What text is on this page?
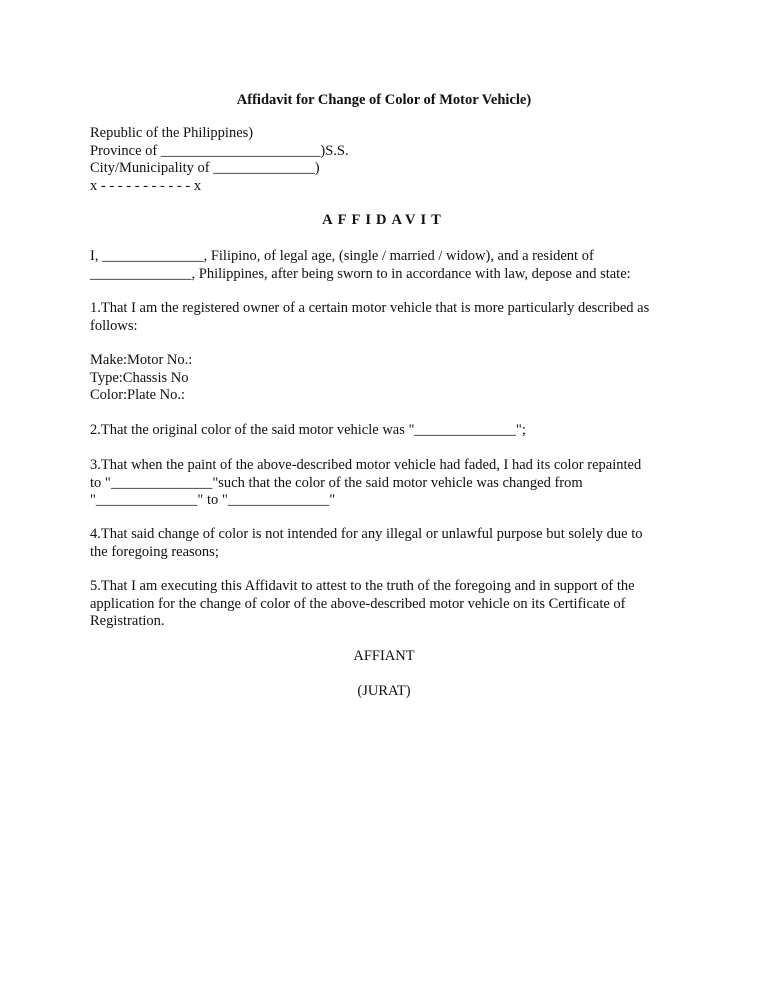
Affidavit for Change of Color of Motor Vehicle)
Republic of the Philippines)
Province of ______________________)S.S.
City/Municipality of ______________)
x - - - - - - - - - - - x
AFFIDAVIT
I, ______________, Filipino, of legal age, (single / married / widow), and a resident of
______________, Philippines, after being sworn to in accordance with law, depose and state:
1.That I am the registered owner of a certain motor vehicle that is more particularly described as
follows:
Make:Motor No.:
Type:Chassis No
Color:Plate No.:
2.That the original color of the said motor vehicle was "______________";
3.That when the paint of the above-described motor vehicle had faded, I had its color repainted
to "______________"such that the color of the said motor vehicle was changed from
"______________" to "______________"
4.That said change of color is not intended for any illegal or unlawful purpose but solely due to
the foregoing reasons;
5.That I am executing this Affidavit to attest to the truth of the foregoing and in support of the
application for the change of color of the above-described motor vehicle on its Certificate of
Registration.
AFFIANT
(JURAT)
